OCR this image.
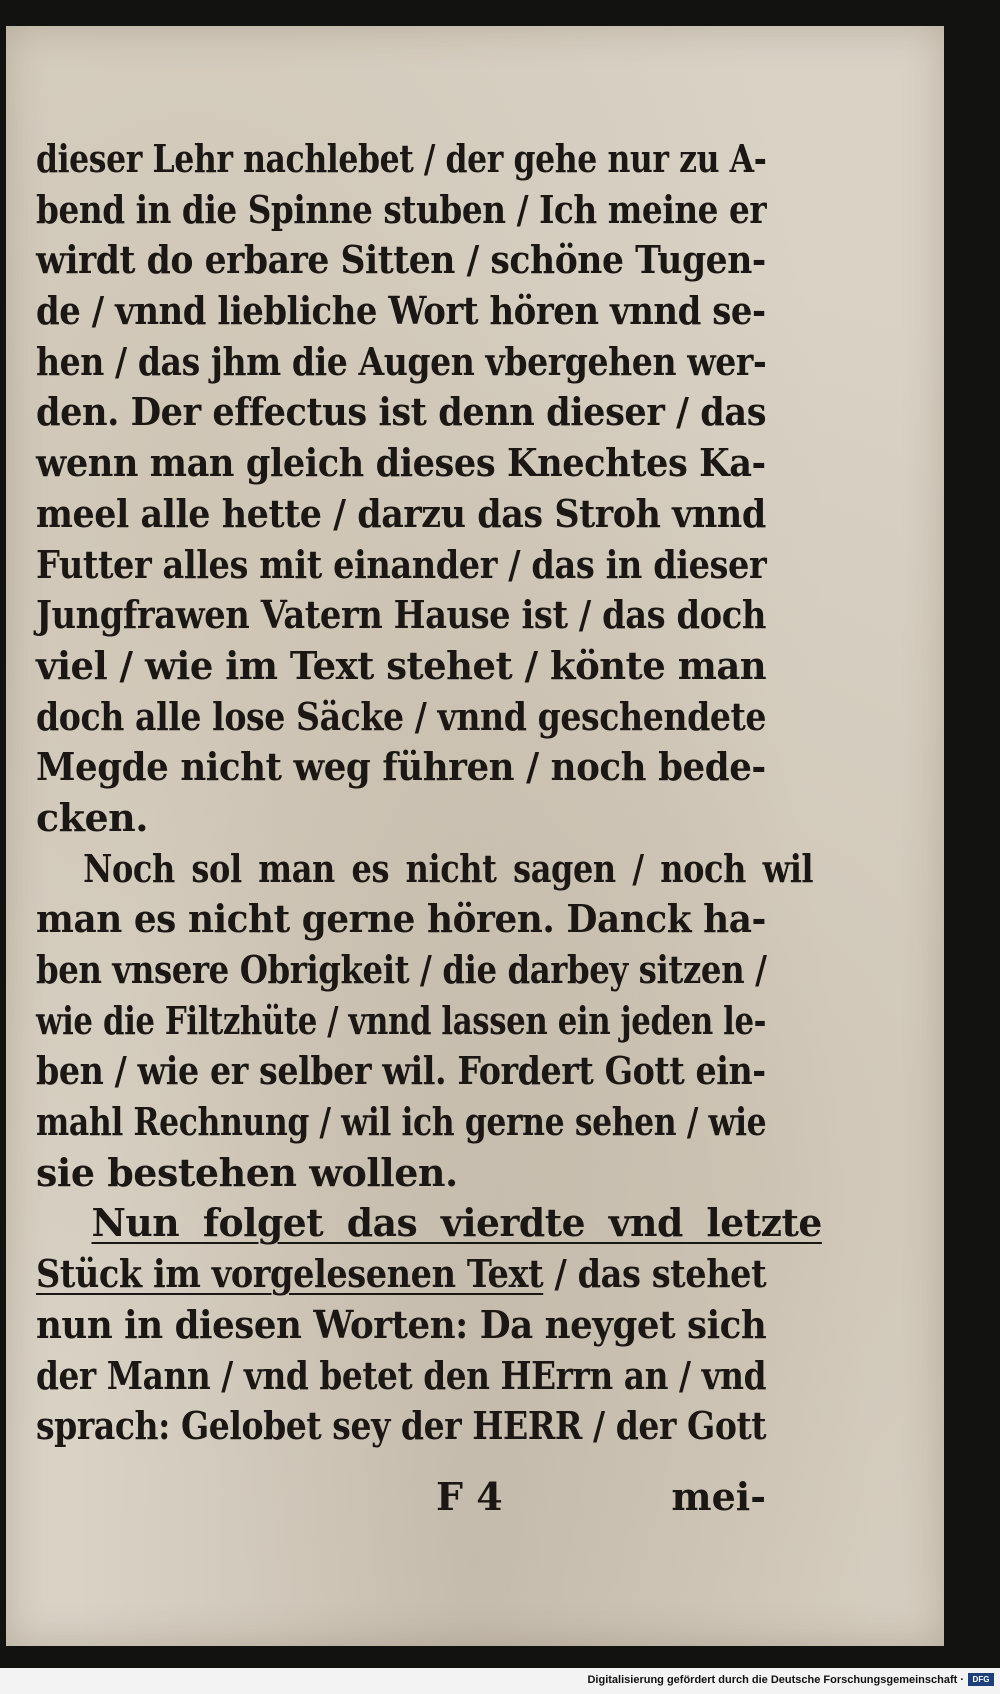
dieser Lehr nachlebet / der gehe nur zu A-
bend in die Spinne stuben / Ich meine er
wirdt do erbare Sitten / schöne Tugen-
de / vnnd liebliche Wort hören vnnd se-
hen / das jhm die Augen vbergehen wer-
den. Der effectus ist denn dieser / das
wenn man gleich dieses Knechtes Ka-
meel alle hette / darzu das Stroh vnnd
Futter alles mit einander / das in dieser
Jungfrawen Vatern Hause ist / das doch
viel / wie im Text stehet / könte man
doch alle lose Säcke / vnnd geschendete
Megde nicht weg führen / noch bede-
cken.
Noch sol man es nicht sagen / noch wil
man es nicht gerne hören. Danck ha-
ben vnsere Obrigkeit / die darbey sitzen /
wie die Filtzhüte / vnnd lassen ein jeden le-
ben / wie er selber wil. Fordert Gott ein-
mahl Rechnung / wil ich gerne sehen / wie
sie bestehen wollen.
Nun folget das vierdte vnd letzte
Stück im vorgelesenen Text / das stehet
nun in diesen Worten: Da neyget sich
der Mann / vnd betet den HErrn an / vnd
sprach: Gelobet sey der HERR / der Gott
F 4	mei-
Digitalisierung gefördert durch die Deutsche Forschungsgemeinschaft ·	DFG
